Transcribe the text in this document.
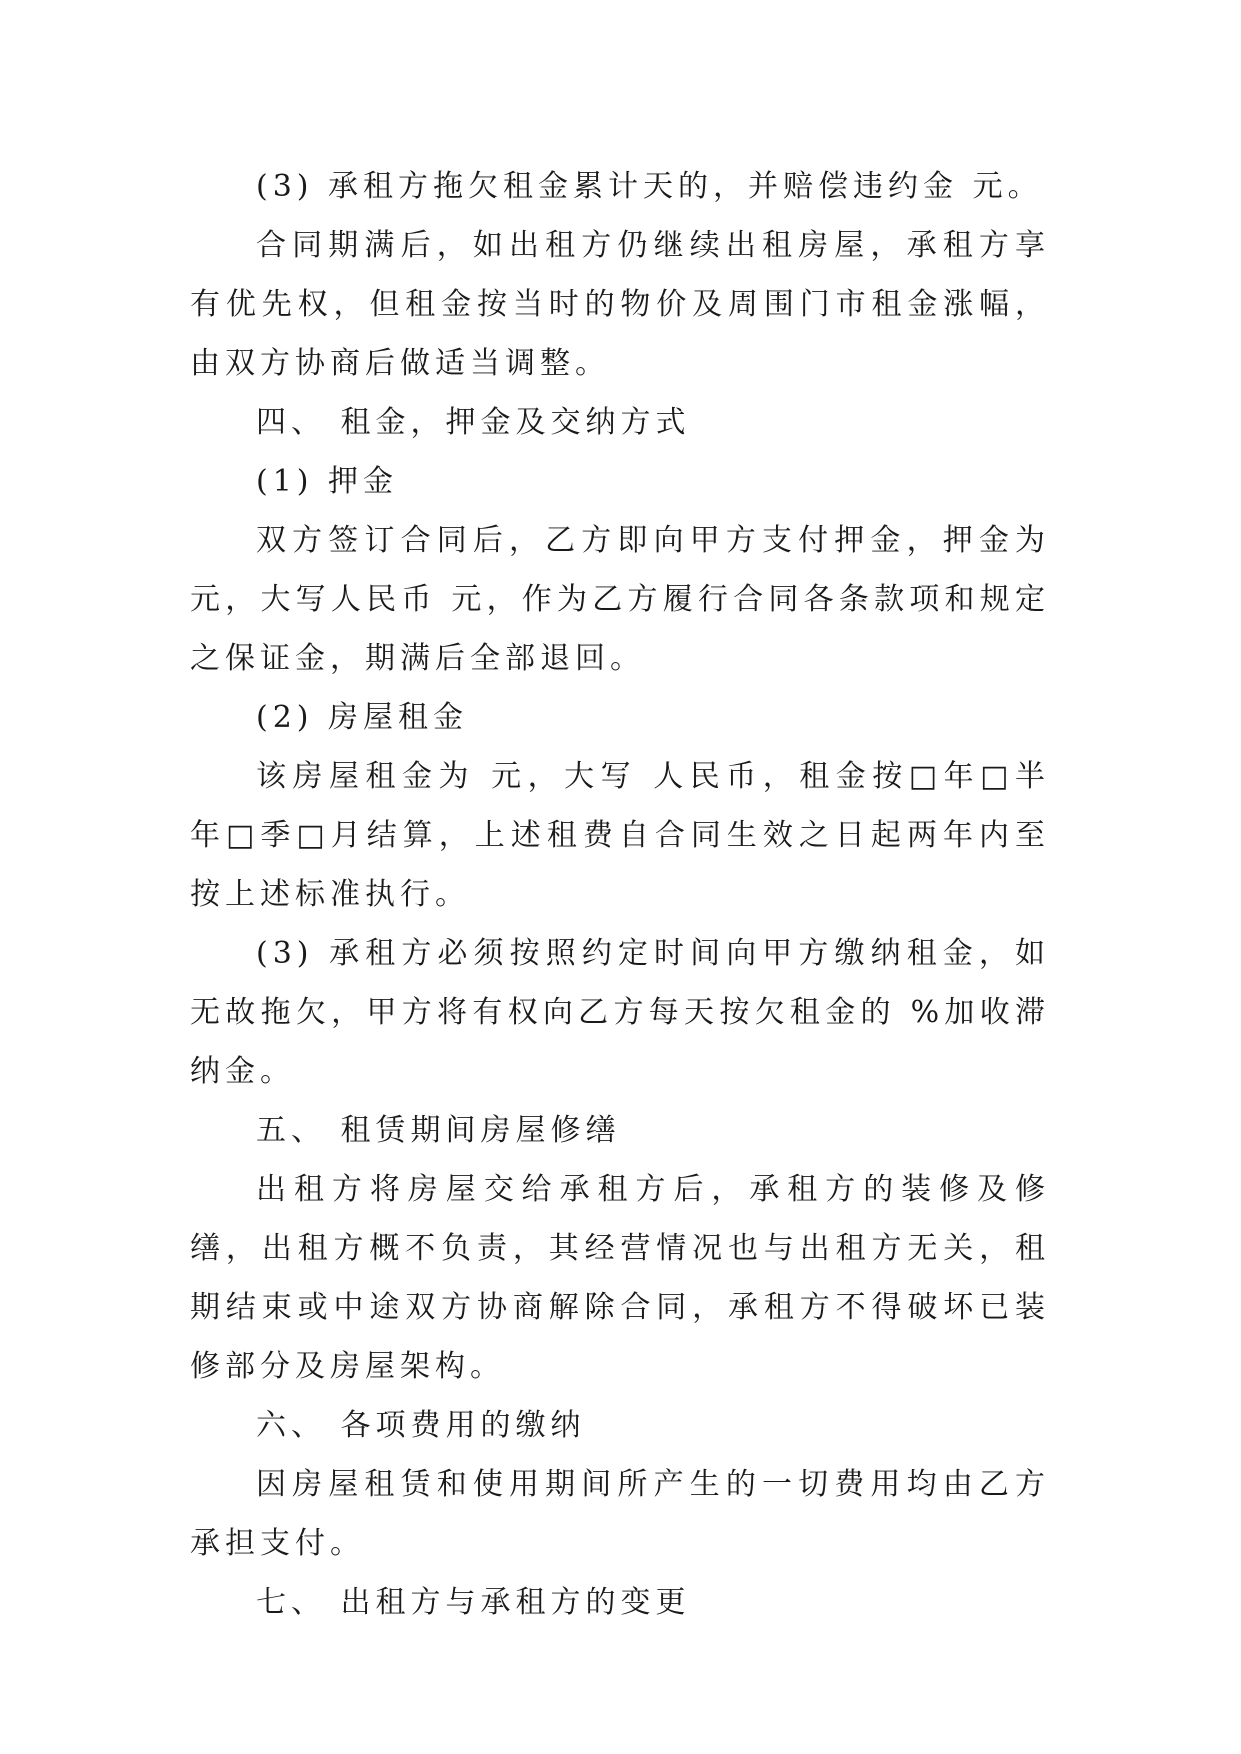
(3) 承租方拖欠租金累计天的，并赔偿违约金 元。

合同期满后，如出租方仍继续出租房屋，承租方享有优先权，但租金按当时的物价及周围门市租金涨幅，由双方协商后做适当调整。

四、 租金，押金及交纳方式

(1) 押金

双方签订合同后，乙方即向甲方支付押金，押金为 元，大写人民币 元，作为乙方履行合同各条款项和规定之保证金，期满后全部退回。

(2) 房屋租金

该房屋租金为 元，大写 人民币，租金按□年□半年□季□月结算，上述租费自合同生效之日起两年内至按上述标准执行。

(3) 承租方必须按照约定时间向甲方缴纳租金，如无故拖欠，甲方将有权向乙方每天按欠租金的 %加收滞纳金。

五、 租赁期间房屋修缮

出租方将房屋交给承租方后，承租方的装修及修缮，出租方概不负责，其经营情况也与出租方无关，租期结束或中途双方协商解除合同，承租方不得破坏已装修部分及房屋架构。

六、 各项费用的缴纳

因房屋租赁和使用期间所产生的一切费用均由乙方承担支付。

七、 出租方与承租方的变更
